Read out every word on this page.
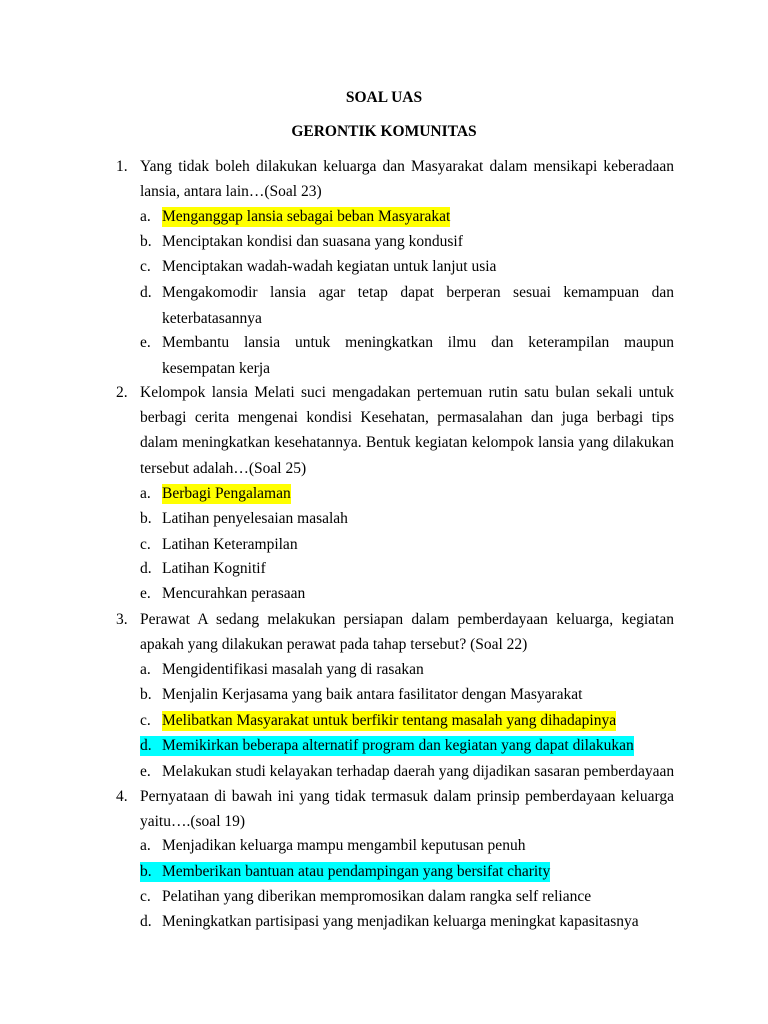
SOAL UAS
GERONTIK KOMUNITAS
1. Yang tidak boleh dilakukan keluarga dan Masyarakat dalam mensikapi keberadaan lansia, antara lain…(Soal 23)
a. Menganggap lansia sebagai beban Masyarakat
b. Menciptakan kondisi dan suasana yang kondusif
c. Menciptakan wadah-wadah kegiatan untuk lanjut usia
d. Mengakomodir lansia agar tetap dapat berperan sesuai kemampuan dan keterbatasannya
e. Membantu lansia untuk meningkatkan ilmu dan keterampilan maupun kesempatan kerja
2. Kelompok lansia Melati suci mengadakan pertemuan rutin satu bulan sekali untuk berbagi cerita mengenai kondisi Kesehatan, permasalahan dan juga berbagi tips dalam meningkatkan kesehatannya. Bentuk kegiatan kelompok lansia yang dilakukan tersebut adalah…(Soal 25)
a. Berbagi Pengalaman
b. Latihan penyelesaian masalah
c. Latihan Keterampilan
d. Latihan Kognitif
e. Mencurahkan perasaan
3. Perawat A sedang melakukan persiapan dalam pemberdayaan keluarga, kegiatan apakah yang dilakukan perawat pada tahap tersebut? (Soal 22)
a. Mengidentifikasi masalah yang di rasakan
b. Menjalin Kerjasama yang baik antara fasilitator dengan Masyarakat
c. Melibatkan Masyarakat untuk berfikir tentang masalah yang dihadapinya
d. Memikirkan beberapa alternatif program dan kegiatan yang dapat dilakukan
e. Melakukan studi kelayakan terhadap daerah yang dijadikan sasaran pemberdayaan
4. Pernyataan di bawah ini yang tidak termasuk dalam prinsip pemberdayaan keluarga yaitu….(soal 19)
a. Menjadikan keluarga mampu mengambil keputusan penuh
b. Memberikan bantuan atau pendampingan yang bersifat charity
c. Pelatihan yang diberikan mempromosikan dalam rangka self reliance
d. Meningkatkan partisipasi yang menjadikan keluarga meningkat kapasitasnya
